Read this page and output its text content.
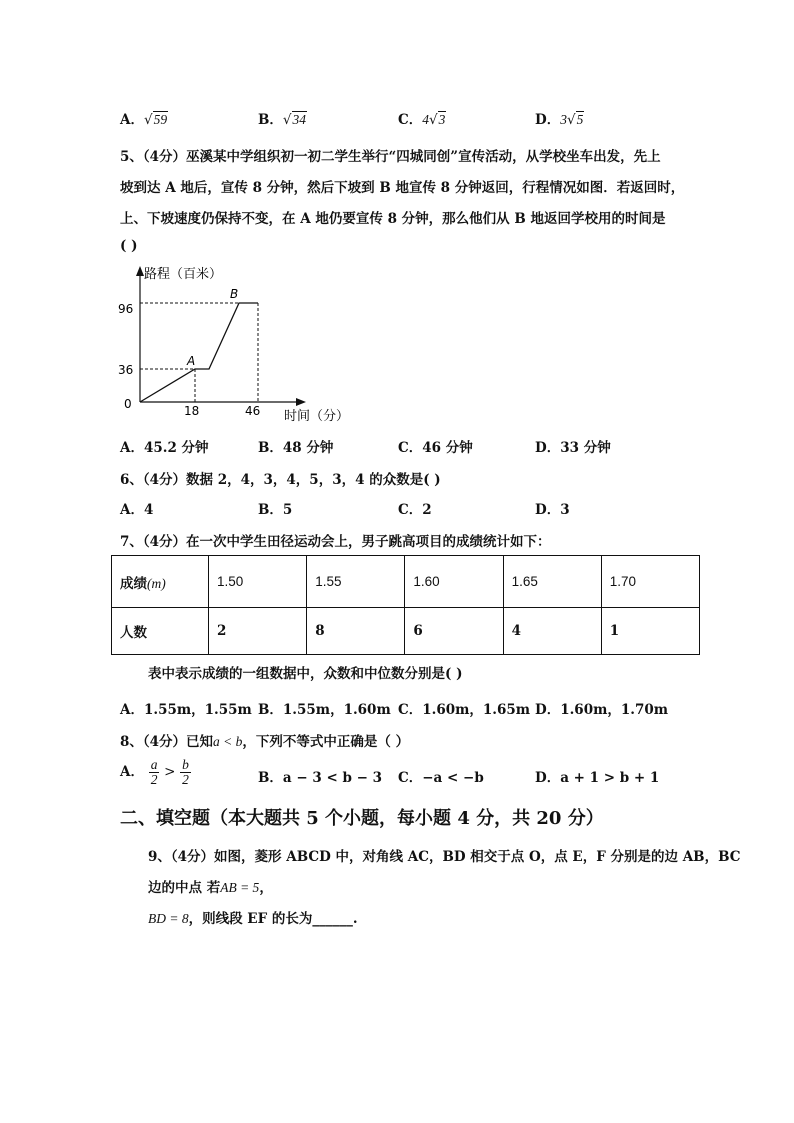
A．√59	B．√34	C．4√3	D．3√5
5、（4分）巫溪某中学组织初一初二学生举行“四城同创”宣传活动，从学校坐车出发，先上
坡到达 A 地后，宣传 8 分钟，然后下坡到 B 地宣传 8 分钟返回，行程情况如图．若返回时，
上、下坡速度仍保持不变，在 A 地仍要宣传 8 分钟，那么他们从 B 地返回学校用的时间是
( )
路程（百米）
时间（分）
0
36
96
18	46
A
B
A．45.2 分钟	B．48 分钟	C．46 分钟	D．33 分钟
6、（4分）数据 2，4，3，4，5，3，4 的众数是( )
A．4	B．5	C．2	D．3
7、（4分）在一次中学生田径运动会上，男子跳高项目的成绩统计如下：
成绩(m)	1.50	1.55	1.60	1.65	1.70
人数	2	8	6	4	1
表中表示成绩的一组数据中，众数和中位数分别是( )
A．1.55m，1.55m B．1.55m，1.60m C．1.60m，1.65m D．1.60m，1.70m
8、（4分）已知a < b，下列不等式中正确是（ ）
A． $\frac{a}{2} > \frac{b}{2}$	B．a − 3 < b − 3 C．−a < −b	D．a + 1 > b + 1
二、填空题（本大题共 5 个小题，每小题 4 分，共 20 分）
9、（4分）如图，菱形 ABCD 中，对角线 AC，BD 相交于点 O，点 E，F 分别是的边 AB，BC
边的中点 若AB = 5，
BD = 8，则线段 EF 的长为______.
